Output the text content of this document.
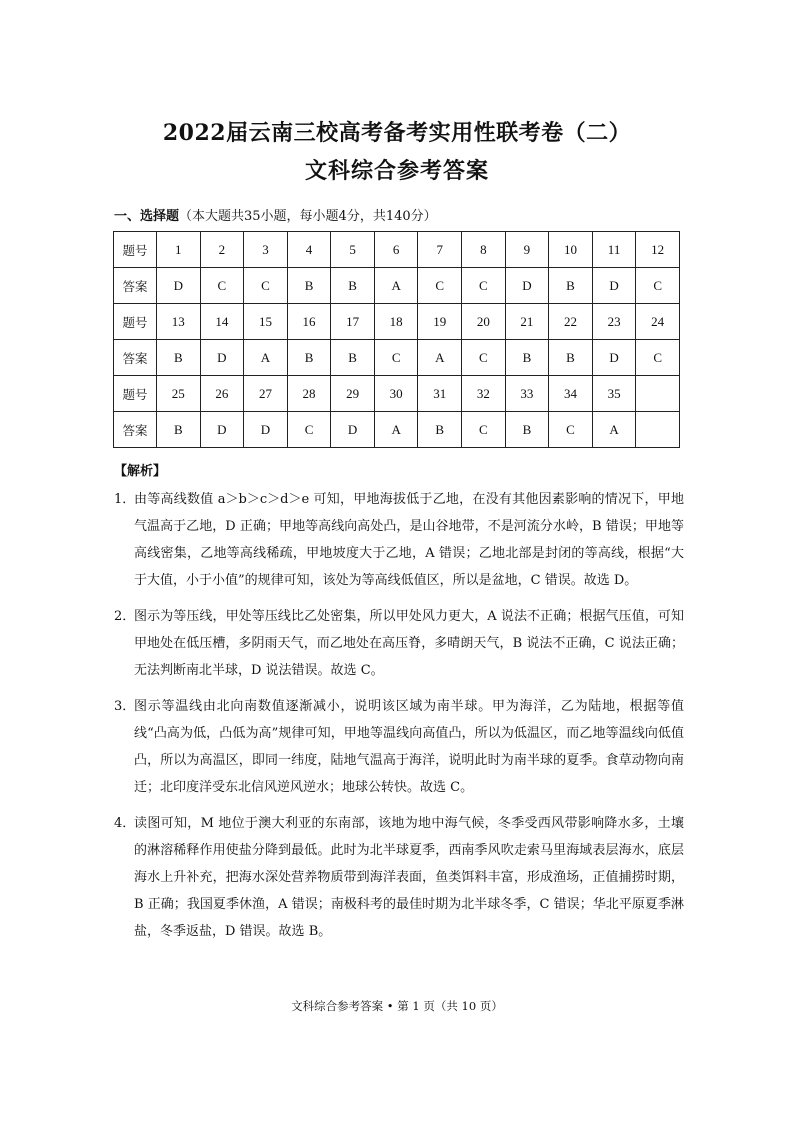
2022届云南三校高考备考实用性联考卷（二）
文科综合参考答案
一、选择题（本大题共35小题，每小题4分，共140分）
题号	1	2	3	4	5	6	7	8	9	10	11	12
答案	D	C	C	B	B	A	C	C	D	B	D	C
题号	13	14	15	16	17	18	19	20	21	22	23	24
答案	B	D	A	B	B	C	A	C	B	B	D	C
题号	25	26	27	28	29	30	31	32	33	34	35	
答案	B	D	D	C	D	A	B	C	B	C	A	
【解析】
1．
由等高线数值 a＞b＞c＞d＞e 可知，甲地海拔低于乙地，在没有其他因素影响的情况下，甲地气温高于乙地，D 正确；甲地等高线向高处凸，是山谷地带，不是河流分水岭，B 错误；甲地等高线密集，乙地等高线稀疏，甲地坡度大于乙地，A 错误；乙地北部是封闭的等高线，根据“大于大值，小于小值”的规律可知，该处为等高线低值区，所以是盆地，C 错误。故选 D。
2．
图示为等压线，甲处等压线比乙处密集，所以甲处风力更大，A 说法不正确；根据气压值，可知甲地处在低压槽，多阴雨天气，而乙地处在高压脊，多晴朗天气，B 说法不正确，C 说法正确；无法判断南北半球，D 说法错误。故选 C。
3．
图示等温线由北向南数值逐渐减小，说明该区域为南半球。甲为海洋，乙为陆地，根据等值线“凸高为低，凸低为高”规律可知，甲地等温线向高值凸，所以为低温区，而乙地等温线向低值凸，所以为高温区，即同一纬度，陆地气温高于海洋，说明此时为南半球的夏季。食草动物向南迁；北印度洋受东北信风逆风逆水；地球公转快。故选 C。
4．
读图可知，M 地位于澳大利亚的东南部，该地为地中海气候，冬季受西风带影响降水多，土壤的淋溶稀释作用使盐分降到最低。此时为北半球夏季，西南季风吹走索马里海域表层海水，底层海水上升补充，把海水深处营养物质带到海洋表面，鱼类饵料丰富，形成渔场，正值捕捞时期，B 正确；我国夏季休渔，A 错误；南极科考的最佳时期为北半球冬季，C 错误；华北平原夏季淋盐，冬季返盐，D 错误。故选 B。
文科综合参考答案 • 第 1 页（共 10 页）
